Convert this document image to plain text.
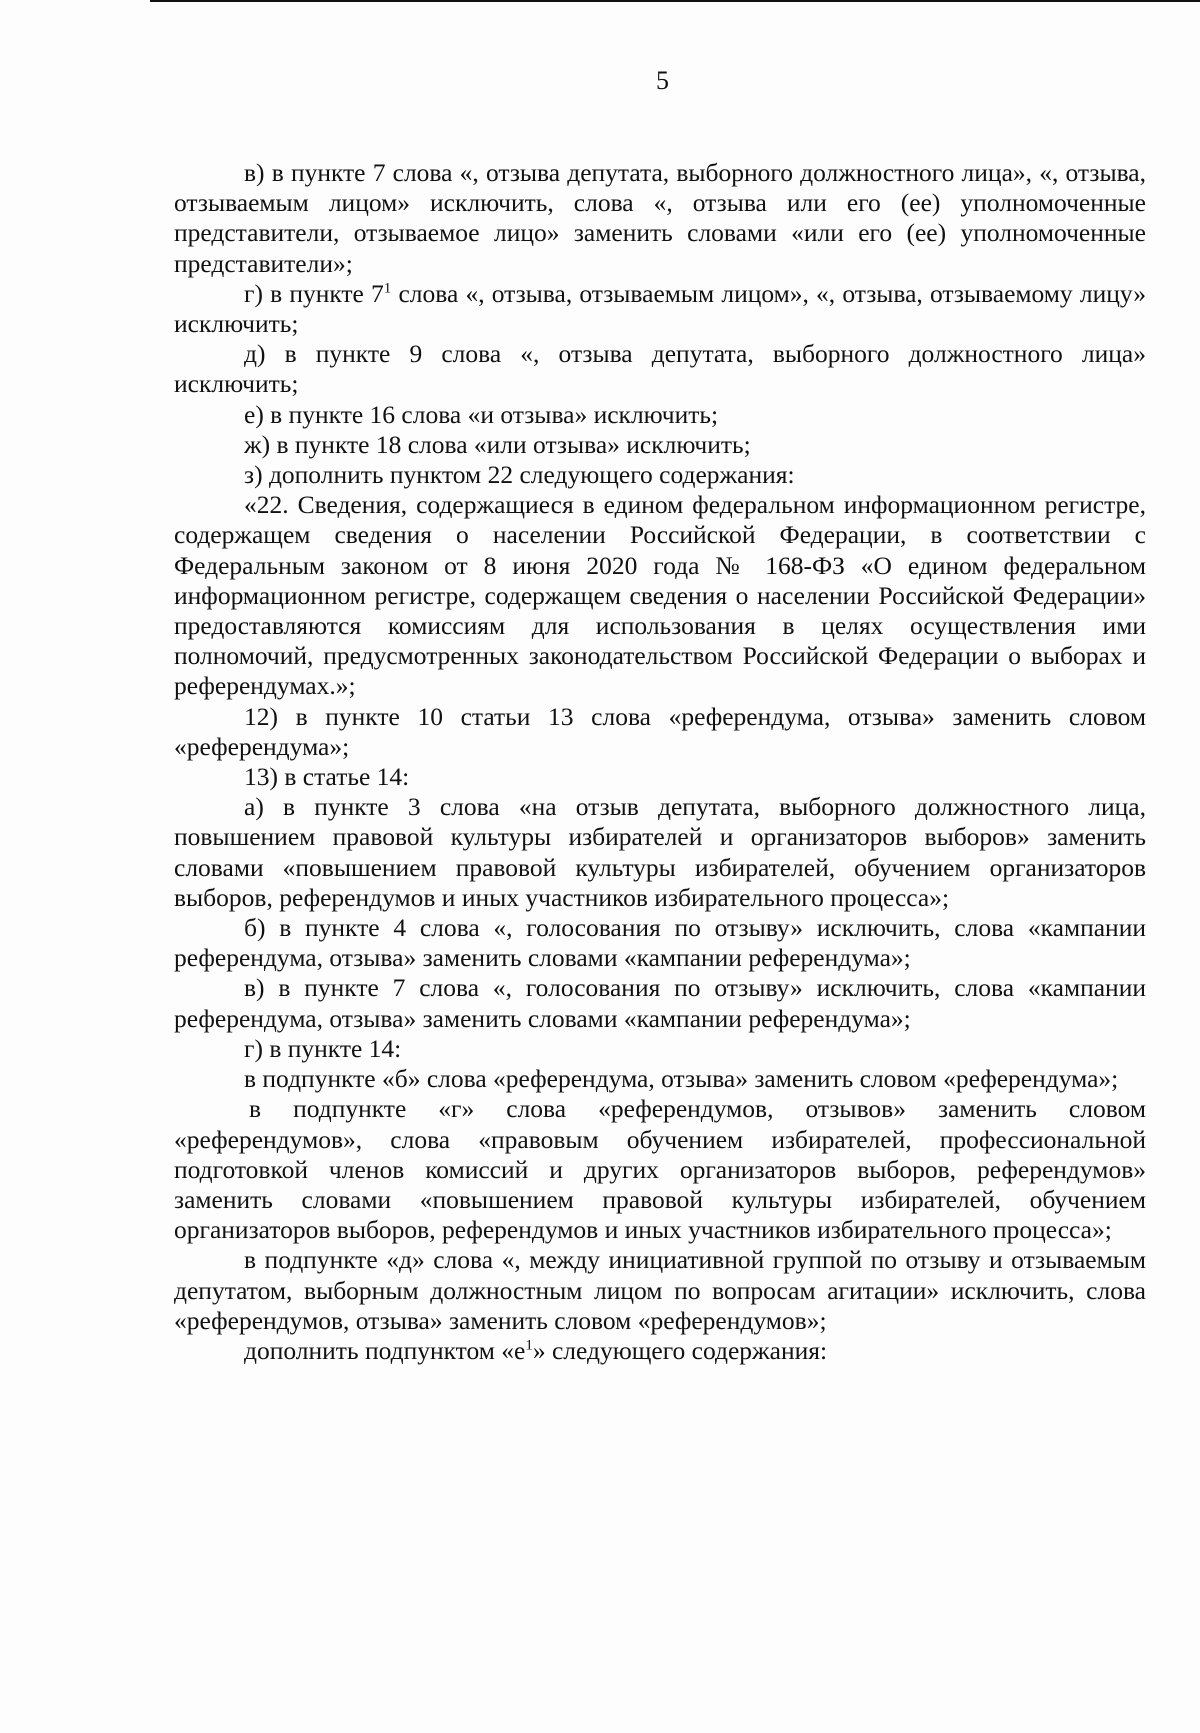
5

в) в пункте 7 слова «, отзыва депутата, выборного должностного лица», «, отзыва, отзываемым лицом» исключить, слова «, отзыва или его (ее) уполномоченные представители, отзываемое лицо» заменить словами «или его (ее) уполномоченные представители»;

г) в пункте $7^1$ слова «, отзыва, отзываемым лицом», «, отзыва, отзываемому лицу» исключить;

д) в пункте 9 слова «, отзыва депутата, выборного должностного лица» исключить;

е) в пункте 16 слова «и отзыва» исключить;

ж) в пункте 18 слова «или отзыва» исключить;

з) дополнить пунктом 22 следующего содержания:

«22. Сведения, содержащиеся в едином федеральном информационном регистре, содержащем сведения о населении Российской Федерации, в соответствии с Федеральным законом от 8 июня 2020 года № 168-ФЗ «О едином федеральном информационном регистре, содержащем сведения о населении Российской Федерации» предоставляются комиссиям для использования в целях осуществления ими полномочий, предусмотренных законодательством Российской Федерации о выборах и референдумах.»;

12) в пункте 10 статьи 13 слова «референдума, отзыва» заменить словом «референдума»;

13) в статье 14:

а) в пункте 3 слова «на отзыв депутата, выборного должностного лица, повышением правовой культуры избирателей и организаторов выборов» заменить словами «повышением правовой культуры избирателей, обучением организаторов выборов, референдумов и иных участников избирательного процесса»;

б) в пункте 4 слова «, голосования по отзыву» исключить, слова «кампании референдума, отзыва» заменить словами «кампании референдума»;

в) в пункте 7 слова «, голосования по отзыву» исключить, слова «кампании референдума, отзыва» заменить словами «кампании референдума»;

г) в пункте 14:

в подпункте «б» слова «референдума, отзыва» заменить словом «референдума»;

в подпункте «г» слова «референдумов, отзывов» заменить словом «референдумов», слова «правовым обучением избирателей, профессиональной подготовкой членов комиссий и других организаторов выборов, референдумов» заменить словами «повышением правовой культуры избирателей, обучением организаторов выборов, референдумов и иных участников избирательного процесса»;

в подпункте «д» слова «, между инициативной группой по отзыву и отзываемым депутатом, выборным должностным лицом по вопросам агитации» исключить, слова «референдумов, отзыва» заменить словом «референдумов»;

дополнить подпунктом «$е^1$» следующего содержания:
